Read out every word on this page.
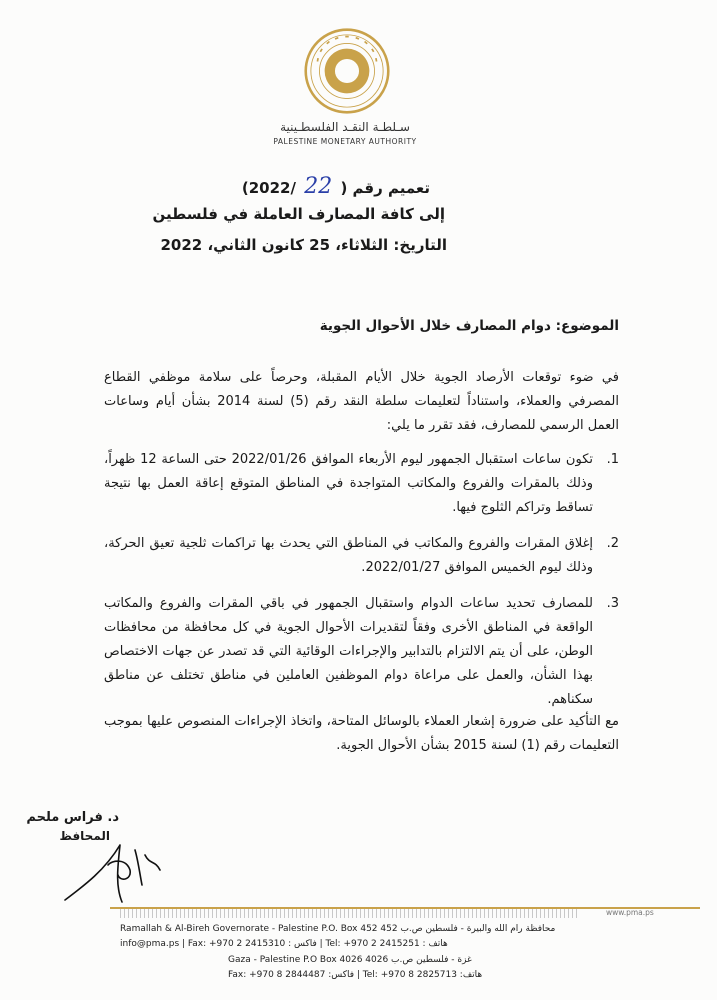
سـلطـة النقـد الفلسطـينية
PALESTINE MONETARY AUTHORITY
تعميم رقم ( 22 /2022)
إلى كافة المصارف العاملة في فلسطين
التاريخ: الثلاثاء، 25 كانون الثاني، 2022
الموضوع: دوام المصارف خلال الأحوال الجوية
في ضوء توقعات الأرصاد الجوية خلال الأيام المقبلة، وحرصاً على سلامة موظفي القطاع المصرفي والعملاء، واستناداً لتعليمات سلطة النقد رقم (5) لسنة 2014 بشأن أيام وساعات العمل الرسمي للمصارف، فقد تقرر ما يلي:
1.
تكون ساعات استقبال الجمهور ليوم الأربعاء الموافق 2022/01/26 حتى الساعة 12 ظهراً، وذلك بالمقرات والفروع والمكاتب المتواجدة في المناطق المتوقع إعاقة العمل بها نتيجة تساقط وتراكم الثلوج فيها.
2.
إغلاق المقرات والفروع والمكاتب في المناطق التي يحدث بها تراكمات ثلجية تعيق الحركة، وذلك ليوم الخميس الموافق 2022/01/27.
3.
للمصارف تحديد ساعات الدوام واستقبال الجمهور في باقي المقرات والفروع والمكاتب الواقعة في المناطق الأخرى وفقاً لتقديرات الأحوال الجوية في كل محافظة من محافظات الوطن، على أن يتم الالتزام بالتدابير والإجراءات الوقائية التي قد تصدر عن جهات الاختصاص بهذا الشأن، والعمل على مراعاة دوام الموظفين العاملين في مناطق تختلف عن مناطق سكناهم.
مع التأكيد على ضرورة إشعار العملاء بالوسائل المتاحة، واتخاذ الإجراءات المنصوص عليها بموجب التعليمات رقم (1) لسنة 2015 بشأن الأحوال الجوية.
د. فراس ملحم
المحافظ
www.pma.ps
Ramallah & Al-Bireh Governorate - Palestine P.O. Box 452 محافظة رام الله والبيرة - فلسطين ص.ب 452
info@pma.ps | Fax: +970 2 2415310 : فاكس | Tel: +970 2 2415251 : هاتف
Gaza - Palestine P.O Box 4026 غزة - فلسطين ص.ب 4026
Fax: +970 8 2844487 :فاكس | Tel: +970 8 2825713 :هاتف
